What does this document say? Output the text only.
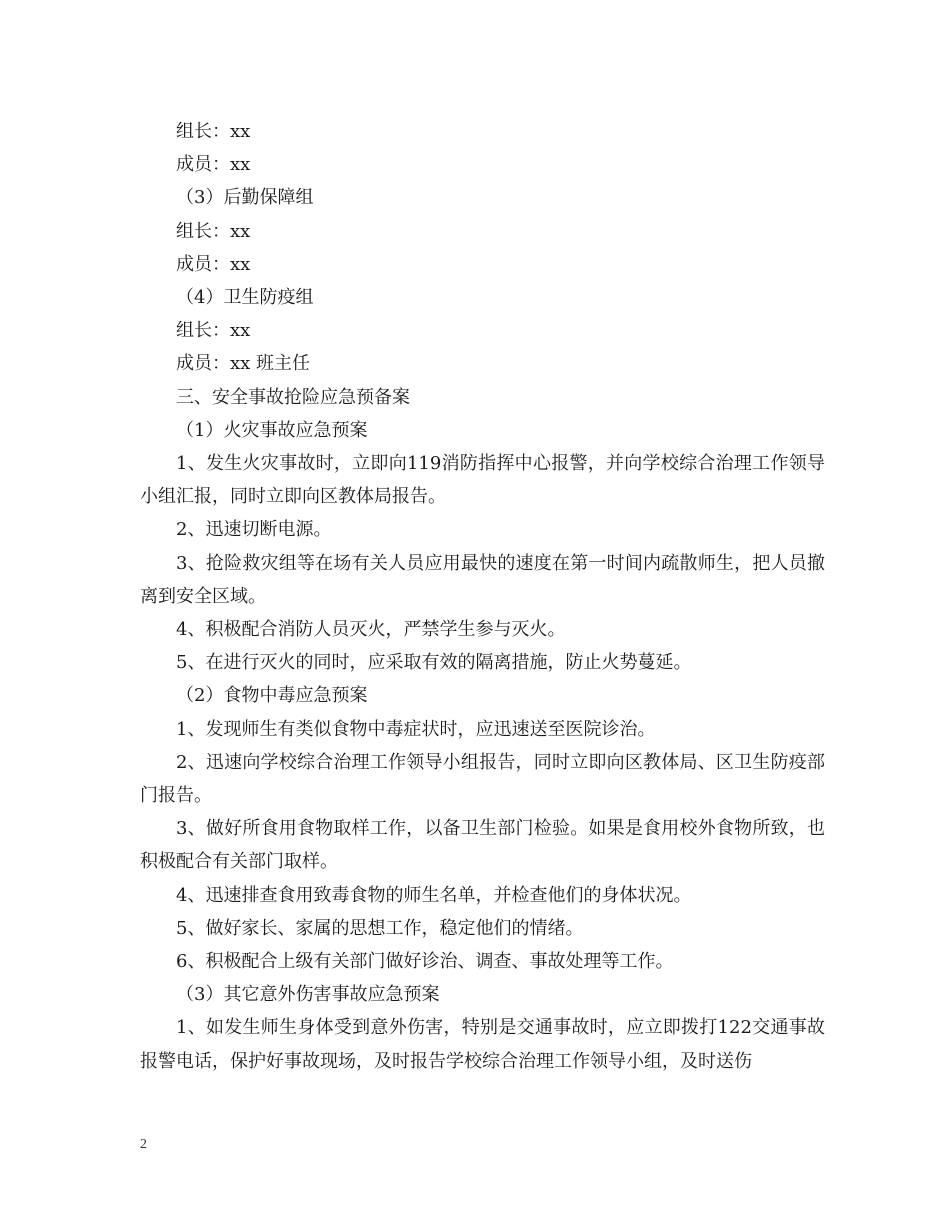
组长：xx

成员：xx

（3）后勤保障组

组长：xx

成员：xx

（4）卫生防疫组

组长：xx

成员：xx 班主任

三、安全事故抢险应急预备案

（1）火灾事故应急预案

1、发生火灾事故时，立即向119消防指挥中心报警，并向学校综合治理工作领导小组汇报，同时立即向区教体局报告。

2、迅速切断电源。

3、抢险救灾组等在场有关人员应用最快的速度在第一时间内疏散师生，把人员撤离到安全区域。

4、积极配合消防人员灭火，严禁学生参与灭火。

5、在进行灭火的同时，应采取有效的隔离措施，防止火势蔓延。

（2）食物中毒应急预案

1、发现师生有类似食物中毒症状时，应迅速送至医院诊治。

2、迅速向学校综合治理工作领导小组报告，同时立即向区教体局、区卫生防疫部门报告。

3、做好所食用食物取样工作，以备卫生部门检验。如果是食用校外食物所致，也积极配合有关部门取样。

4、迅速排查食用致毒食物的师生名单，并检查他们的身体状况。

5、做好家长、家属的思想工作，稳定他们的情绪。

6、积极配合上级有关部门做好诊治、调查、事故处理等工作。

（3）其它意外伤害事故应急预案

1、如发生师生身体受到意外伤害，特别是交通事故时，应立即拨打122交通事故报警电话，保护好事故现场，及时报告学校综合治理工作领导小组，及时送伤

2
